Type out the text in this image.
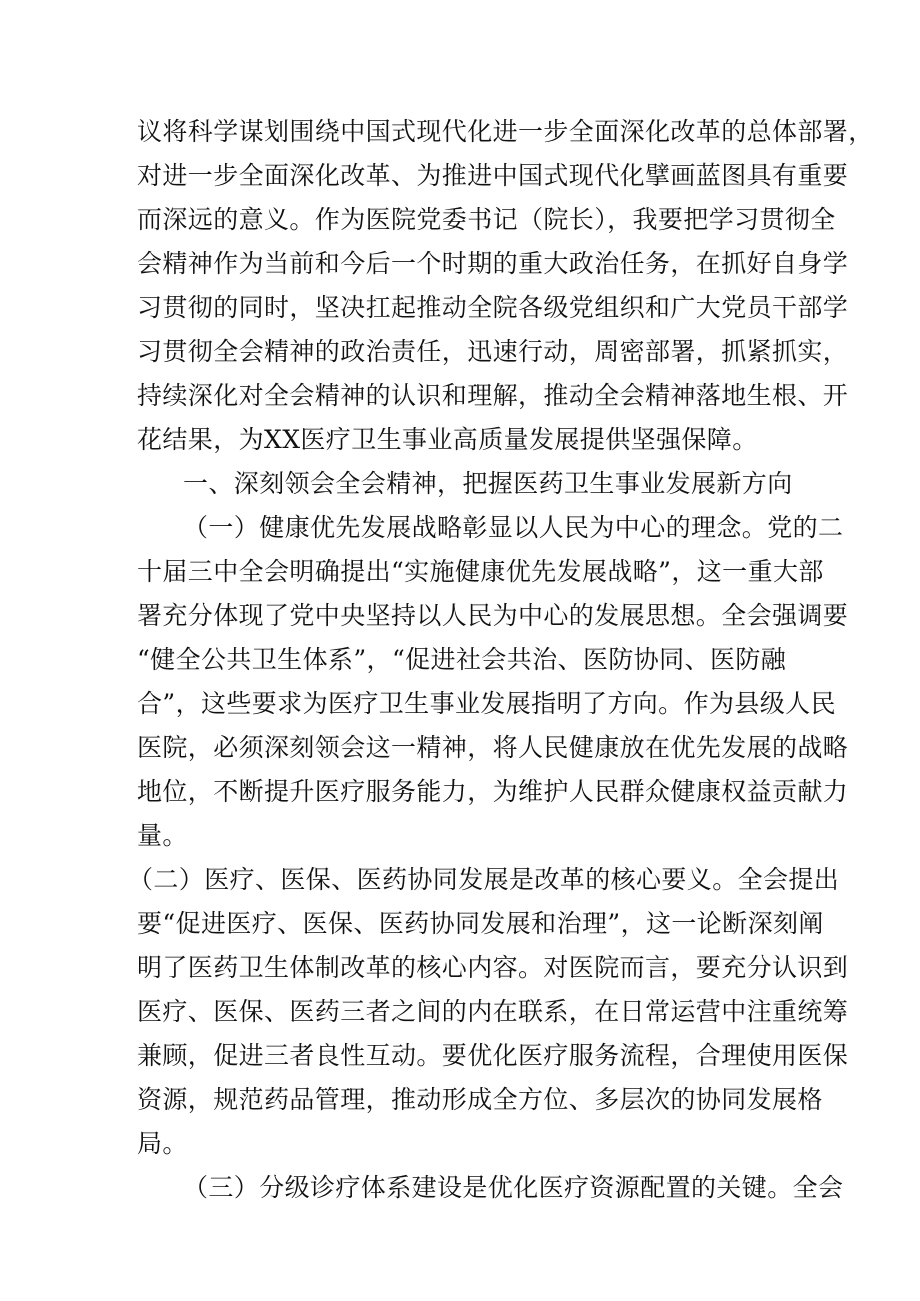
议将科学谋划围绕中国式现代化进一步全面深化改革的总体部署，
对进一步全面深化改革、为推进中国式现代化擘画蓝图具有重要
而深远的意义。作为医院党委书记（院长），我要把学习贯彻全
会精神作为当前和今后一个时期的重大政治任务，在抓好自身学
习贯彻的同时，坚决扛起推动全院各级党组织和广大党员干部学
习贯彻全会精神的政治责任，迅速行动，周密部署，抓紧抓实，
持续深化对全会精神的认识和理解，推动全会精神落地生根、开
花结果，为XX医疗卫生事业高质量发展提供坚强保障。
一、深刻领会全会精神，把握医药卫生事业发展新方向
（一）健康优先发展战略彰显以人民为中心的理念。党的二
十届三中全会明确提出“实施健康优先发展战略”，这一重大部
署充分体现了党中央坚持以人民为中心的发展思想。全会强调要
“健全公共卫生体系”，“促进社会共治、医防协同、医防融
合”，这些要求为医疗卫生事业发展指明了方向。作为县级人民
医院，必须深刻领会这一精神，将人民健康放在优先发展的战略
地位，不断提升医疗服务能力，为维护人民群众健康权益贡献力
量。
（二）医疗、医保、医药协同发展是改革的核心要义。全会提出
要“促进医疗、医保、医药协同发展和治理”，这一论断深刻阐
明了医药卫生体制改革的核心内容。对医院而言，要充分认识到
医疗、医保、医药三者之间的内在联系，在日常运营中注重统筹
兼顾，促进三者良性互动。要优化医疗服务流程，合理使用医保
资源，规范药品管理，推动形成全方位、多层次的协同发展格
局。
（三）分级诊疗体系建设是优化医疗资源配置的关键。全会
